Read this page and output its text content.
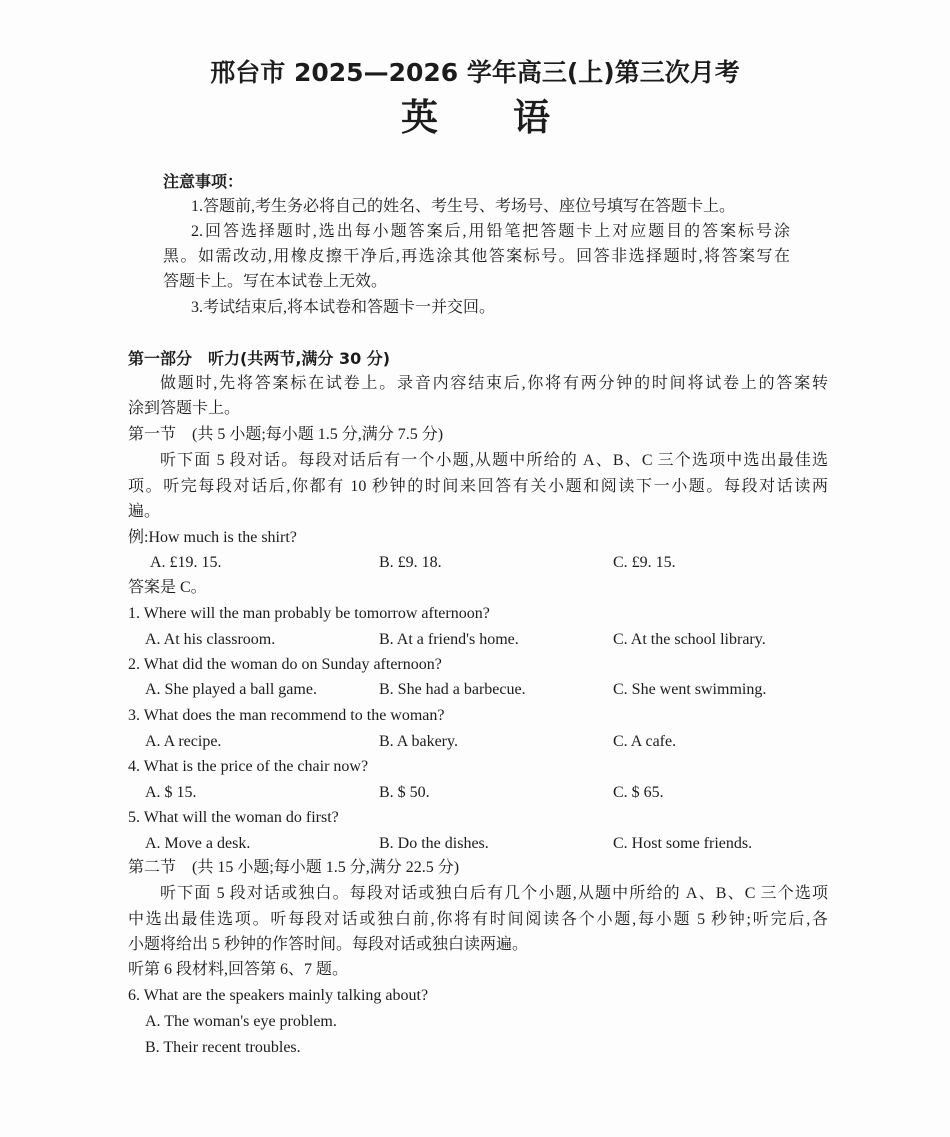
邢台市 2025—2026 学年高三(上)第三次月考
英 语
注意事项：
1.答题前,考生务必将自己的姓名、考生号、考场号、座位号填写在答题卡上。
2.回答选择题时,选出每小题答案后,用铅笔把答题卡上对应题目的答案标号涂
黑。如需改动,用橡皮擦干净后,再选涂其他答案标号。回答非选择题时,将答案写在
答题卡上。写在本试卷上无效。
3.考试结束后,将本试卷和答题卡一并交回。
第一部分　听力(共两节,满分 30 分)
做题时,先将答案标在试卷上。录音内容结束后,你将有两分钟的时间将试卷上的答案转
涂到答题卡上。
第一节　(共 5 小题;每小题 1.5 分,满分 7.5 分)
听下面 5 段对话。每段对话后有一个小题,从题中所给的 A、B、C 三个选项中选出最佳选
项。听完每段对话后,你都有 10 秒钟的时间来回答有关小题和阅读下一小题。每段对话读两
遍。
例:How much is the shirt?
A. £19. 15.	B. £9. 18.	C. £9. 15.
答案是 C。
1. Where will the man probably be tomorrow afternoon?
A. At his classroom.	B. At a friend's home.	C. At the school library.
2. What did the woman do on Sunday afternoon?
A. She played a ball game.	B. She had a barbecue.	C. She went swimming.
3. What does the man recommend to the woman?
A. A recipe.	B. A bakery.	C. A cafe.
4. What is the price of the chair now?
A. $ 15.	B. $ 50.	C. $ 65.
5. What will the woman do first?
A. Move a desk.	B. Do the dishes.	C. Host some friends.
第二节　(共 15 小题;每小题 1.5 分,满分 22.5 分)
听下面 5 段对话或独白。每段对话或独白后有几个小题,从题中所给的 A、B、C 三个选项
中选出最佳选项。听每段对话或独白前,你将有时间阅读各个小题,每小题 5 秒钟;听完后,各
小题将给出 5 秒钟的作答时间。每段对话或独白读两遍。
听第 6 段材料,回答第 6、7 题。
6. What are the speakers mainly talking about?
A. The woman's eye problem.
B. Their recent troubles.
